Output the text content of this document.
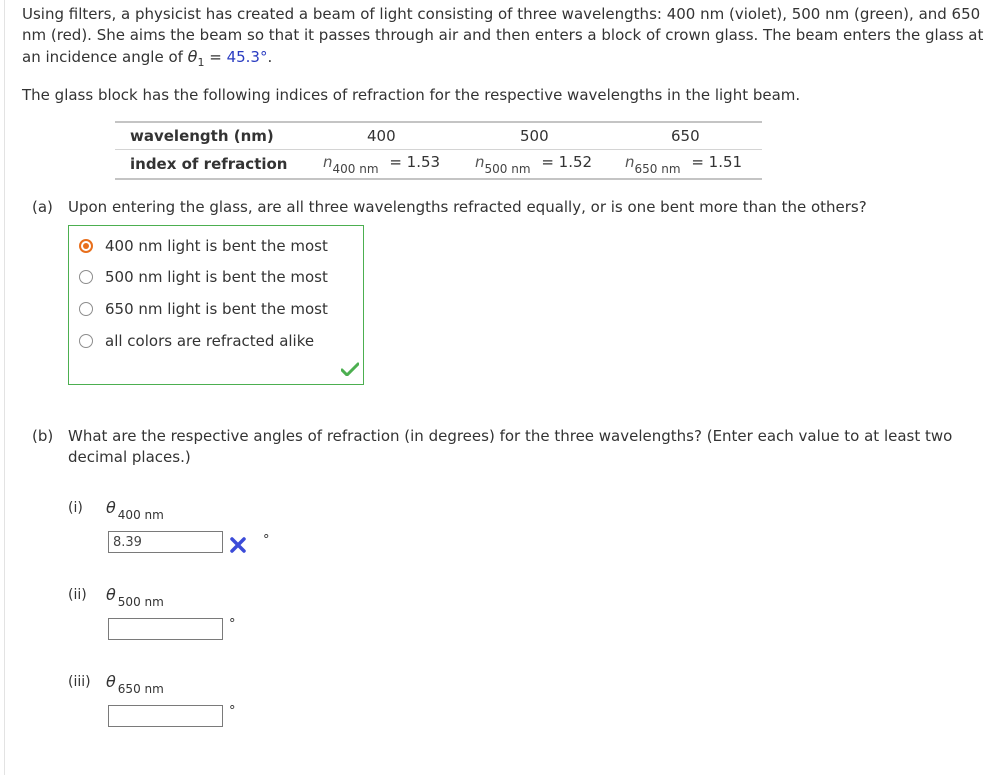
Using filters, a physicist has created a beam of light consisting of three wavelengths: 400 nm (violet), 500 nm (green), and 650 nm (red). She aims the beam so that it passes through air and then enters a block of crown glass. The beam enters the glass at an incidence angle of $\theta_1 = 45.3^\circ$.
The glass block has the following indices of refraction for the respective wavelengths in the light beam.
wavelength (nm)	400	500	650
index of refraction $n_{400 nm} = 1.53$ $n_{500 nm} = 1.52$ $n_{650 nm} = 1.51$
(a) Upon entering the glass, are all three wavelengths refracted equally, or is one bent more than the others?
400 nm light is bent the most
500 nm light is bent the most
650 nm light is bent the most
all colors are refracted alike
(b) What are the respective angles of refraction (in degrees) for the three wavelengths? (Enter each value to at least two
decimal places.)
(i) θ 400 nm
8.39
°
(ii) θ 500 nm
°
(iii) θ 650 nm
°
